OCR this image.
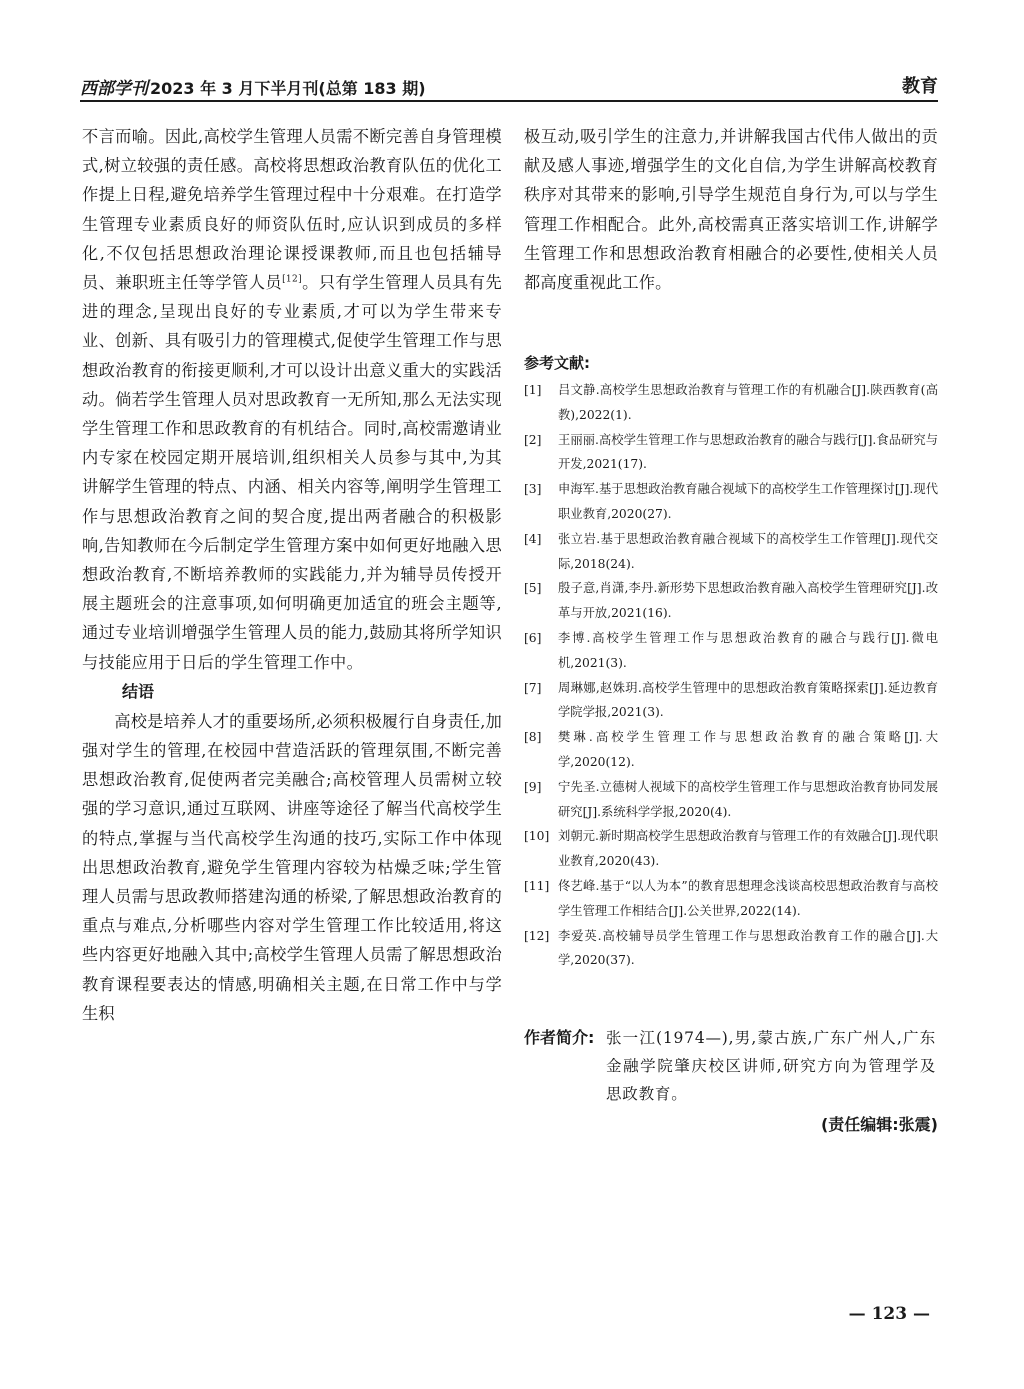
西部学刊 2023 年 3 月下半月刊(总第 183 期)	教育

不言而喻。因此,高校学生管理人员需不断完善自身管理模式,树立较强的责任感。高校将思想政治教育队伍的优化工作提上日程,避免培养学生管理过程中十分艰难。在打造学生管理专业素质良好的师资队伍时,应认识到成员的多样化,不仅包括思想政治理论课授课教师,而且也包括辅导员、兼职班主任等学管人员[12]。只有学生管理人员具有先进的理念,呈现出良好的专业素质,才可以为学生带来专业、创新、具有吸引力的管理模式,促使学生管理工作与思想政治教育的衔接更顺利,才可以设计出意义重大的实践活动。倘若学生管理人员对思政教育一无所知,那么无法实现学生管理工作和思政教育的有机结合。同时,高校需邀请业内专家在校园定期开展培训,组织相关人员参与其中,为其讲解学生管理的特点、内涵、相关内容等,阐明学生管理工作与思想政治教育之间的契合度,提出两者融合的积极影响,告知教师在今后制定学生管理方案中如何更好地融入思想政治教育,不断培养教师的实践能力,并为辅导员传授开展主题班会的注意事项,如何明确更加适宜的班会主题等,通过专业培训增强学生管理人员的能力,鼓励其将所学知识与技能应用于日后的学生管理工作中。

结语

高校是培养人才的重要场所,必须积极履行自身责任,加强对学生的管理,在校园中营造活跃的管理氛围,不断完善思想政治教育,促使两者完美融合;高校管理人员需树立较强的学习意识,通过互联网、讲座等途径了解当代高校学生的特点,掌握与当代高校学生沟通的技巧,实际工作中体现出思想政治教育,避免学生管理内容较为枯燥乏味;学生管理人员需与思政教师搭建沟通的桥梁,了解思想政治教育的重点与难点,分析哪些内容对学生管理工作比较适用,将这些内容更好地融入其中;高校学生管理人员需了解思想政治教育课程要表达的情感,明确相关主题,在日常工作中与学生积

极互动,吸引学生的注意力,并讲解我国古代伟人做出的贡献及感人事迹,增强学生的文化自信,为学生讲解高校教育秩序对其带来的影响,引导学生规范自身行为,可以与学生管理工作相配合。此外,高校需真正落实培训工作,讲解学生管理工作和思想政治教育相融合的必要性,使相关人员都高度重视此工作。

参考文献:
[1] 吕文静.高校学生思想政治教育与管理工作的有机融合[J].陕西教育(高教),2022(1).
[2] 王丽丽.高校学生管理工作与思想政治教育的融合与践行[J].食品研究与开发,2021(17).
[3] 申海军.基于思想政治教育融合视域下的高校学生工作管理探讨[J].现代职业教育,2020(27).
[4] 张立岩.基于思想政治教育融合视域下的高校学生工作管理[J].现代交际,2018(24).
[5] 殷子意,肖潇,李丹.新形势下思想政治教育融入高校学生管理研究[J].改革与开放,2021(16).
[6] 李博.高校学生管理工作与思想政治教育的融合与践行[J].微电机,2021(3).
[7] 周琳娜,赵姝玥.高校学生管理中的思想政治教育策略探索[J].延边教育学院学报,2021(3).
[8] 樊琳.高校学生管理工作与思想政治教育的融合策略[J].大学,2020(12).
[9] 宁先圣.立德树人视域下的高校学生管理工作与思想政治教育协同发展研究[J].系统科学学报,2020(4).
[10] 刘朝元.新时期高校学生思想政治教育与管理工作的有效融合[J].现代职业教育,2020(43).
[11] 佟艺峰.基于“以人为本”的教育思想理念浅谈高校思想政治教育与高校学生管理工作相结合[J].公关世界,2022(14).
[12] 李爱英.高校辅导员学生管理工作与思想政治教育工作的融合[J].大学,2020(37).
作者简介: 张一江(1974—),男,蒙古族,广东广州人,广东金融学院肇庆校区讲师,研究方向为管理学及思政教育。
(责任编辑:张震)
— 123 —
